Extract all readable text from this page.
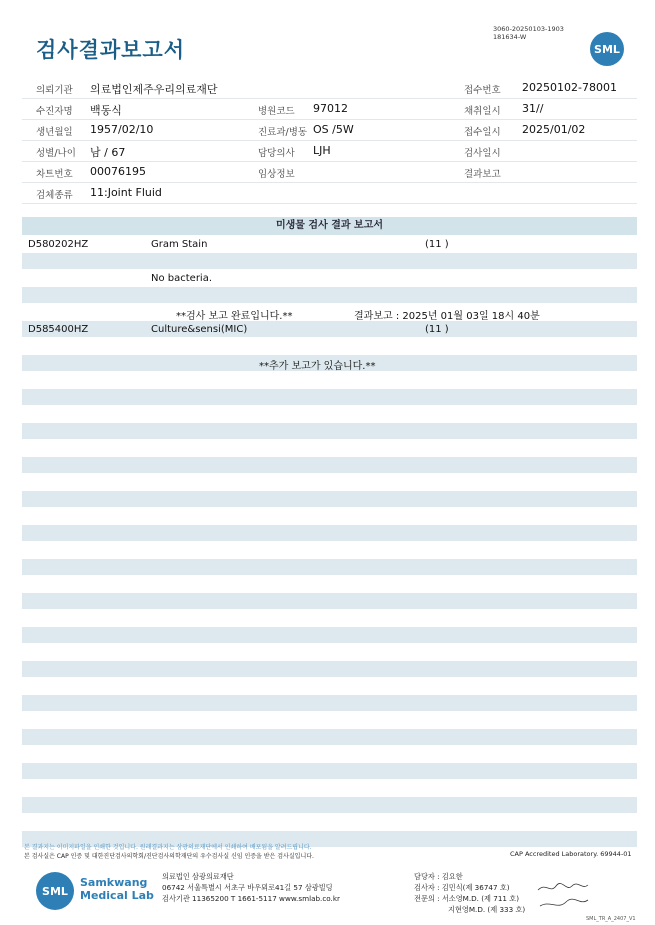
검사결과보고서
3060-20250103-1903
181634-W
SML
의뢰기관 의료법인제주우리의료재단	접수번호 20250102-78001
수진자명 백동식	병원코드 97012	채취일시 31//
생년월일 1957/02/10	진료과/병동 OS /5W	접수일시 2025/01/02
성별/나이 남 / 67	담당의사 LJH	검사일시
차트번호 00076195	임상정보	결과보고
검체종류 11:Joint Fluid
미생물 검사 결과 보고서
D580202HZ	Gram Stain	(11 )
No bacteria.
**검사 보고 완료입니다.**	결과보고 : 2025년 01월 03일 18시 40분
D585400HZ	Culture&sensi(MIC)	(11 )
**추가 보고가 있습니다.**
본 결과지는 이미지파일을 인쇄한 것입니다. 원래결과지는 삼광의료재단에서 인쇄하여 배포됨을 알려드립니다.
본 검사실은 CAP 인증 및 대한진단검사의학회/진단검사의학재단의 우수검사실 신임 인증을 받은 검사실입니다.	CAP Accredited Laboratory. 69944-01
SML
Samkwang
Medical Lab
의료법인 삼광의료재단
06742 서울특별시 서초구 바우뫼로41길 57 삼광빌딩
검사기관 11365200 T 1661-5117 www.smlab.co.kr
담당자 : 김요한
검사자 : 김민식(제 36747 호)
전문의 : 서소영M.D. (제 711 호)
지현영M.D. (제 333 호)
SML_TR_A_2407_V1
